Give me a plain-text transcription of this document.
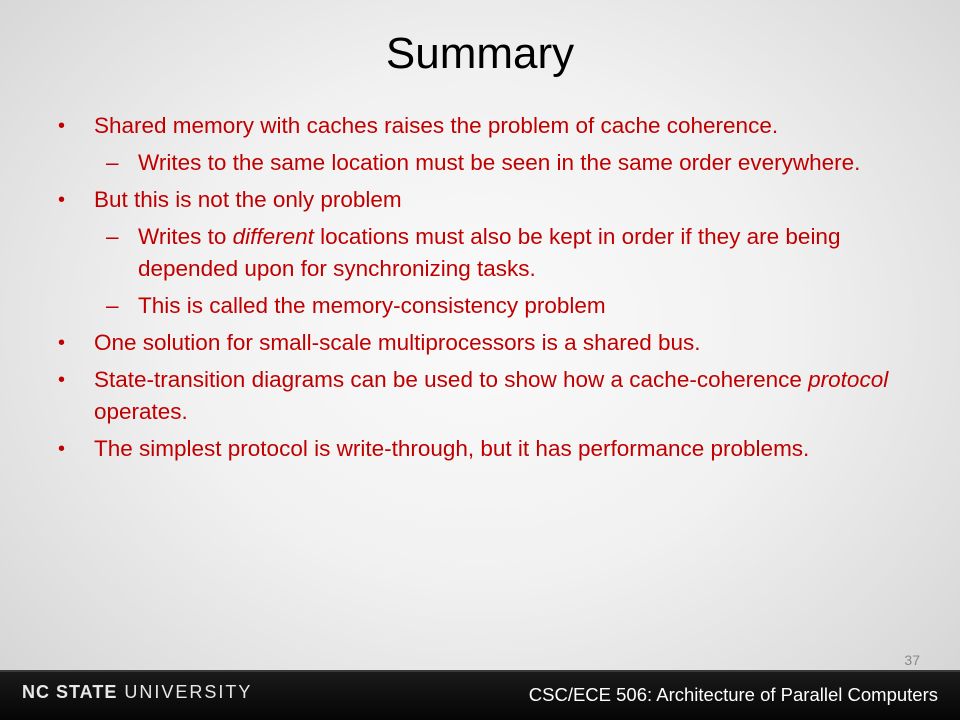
Summary
• Shared memory with caches raises the problem of cache coherence.
– Writes to the same location must be seen in the same order everywhere.
• But this is not the only problem
– Writes to different locations must also be kept in order if they are being depended upon for synchronizing tasks.
– This is called the memory-consistency problem
• One solution for small-scale multiprocessors is a shared bus.
• State-transition diagrams can be used to show how a cache-coherence protocol operates.
• The simplest protocol is write-through, but it has performance problems.
37
NC STATE UNIVERSITY	CSC/ECE 506: Architecture of Parallel Computers
